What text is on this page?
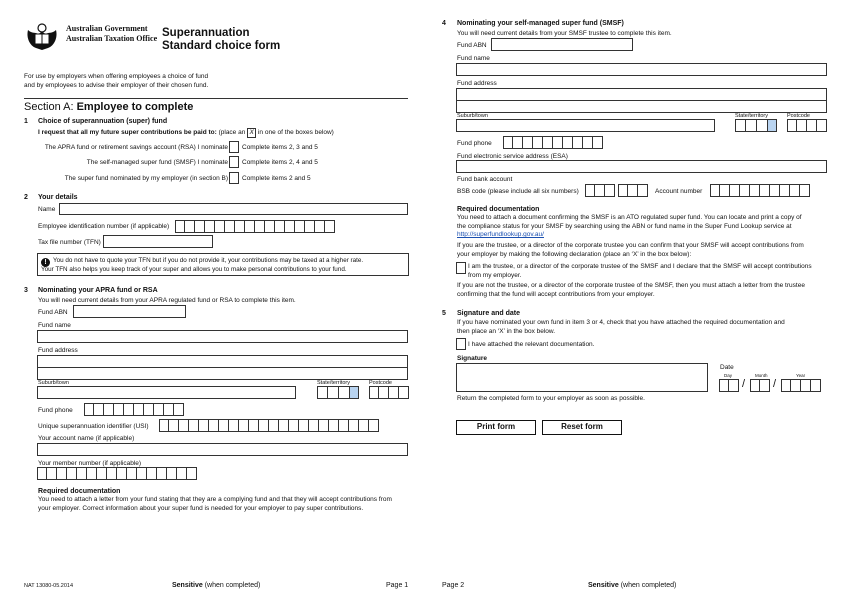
Australian Government
Australian Taxation Office Superannuation
Standard choice form
For use by employers when offering employees a choice of fund
and by employees to advise their employer of their chosen fund.
Section A: Employee to complete
1 Choice of superannuation (super) fund
I request that all my future super contributions be paid to: (place an X in one of the boxes below)
The APRA fund or retirement savings account (RSA) I nominate Complete items 2, 3 and 5
The self-managed super fund (SMSF) I nominate Complete items 2, 4 and 5
The super fund nominated by my employer (in section B) Complete items 2 and 5
2 Your details
Name
Employee identification number (if applicable)
Tax file number (TFN)
!	You do not have to quote your TFN but if you do not provide it, your contributions may be taxed at a higher rate.
Your TFN also helps you keep track of your super and allows you to make personal contributions to your fund.
3 Nominating your APRA fund or RSA
You will need current details from your APRA regulated fund or RSA to complete this item.
Fund ABN
Fund name
Fund address
Suburb/town	State/territory	Postcode
Fund phone
Unique superannuation identifier (USI)
Your account name (if applicable)
Your member number (if applicable)
Required documentation
You need to attach a letter from your fund stating that they are a complying fund and that they will accept contributions from
your employer. Correct information about your super fund is needed for your employer to pay super contributions.
NAT 13080-05.2014	Sensitive (when completed)	Page 1
4 Nominating your self-managed super fund (SMSF)
You will need current details from your SMSF trustee to complete this item.
Fund ABN
Fund name
Fund address
Suburb/town	State/territory	Postcode
Fund phone
Fund electronic service address (ESA)
Fund bank account
BSB code (please include all six numbers)	Account number
Required documentation
You need to attach a document confirming the SMSF is an ATO regulated super fund. You can locate and print a copy of
the compliance status for your SMSF by searching using the ABN or fund name in the Super Fund Lookup service at
http://superfundlookup.gov.au/
If you are the trustee, or a director of the corporate trustee you can confirm that your SMSF will accept contributions from
your employer by making the following declaration (place an ‘X’ in the box below):
I am the trustee, or a director of the corporate trustee of the SMSF and I declare that the SMSF will accept contributions
from my employer.
If you are not the trustee, or a director of the corporate trustee of the SMSF, then you must attach a letter from the trustee
confirming that the fund will accept contributions from your employer.
5 Signature and date
If you have nominated your own fund in item 3 or 4, check that you have attached the required documentation and
then place an ‘X’ in the box below.
I have attached the relevant documentation.
Signature
Date
Day	Month	Year
/	/
Return the completed form to your employer as soon as possible.
Print form	Reset form
Page 2	Sensitive (when completed)
